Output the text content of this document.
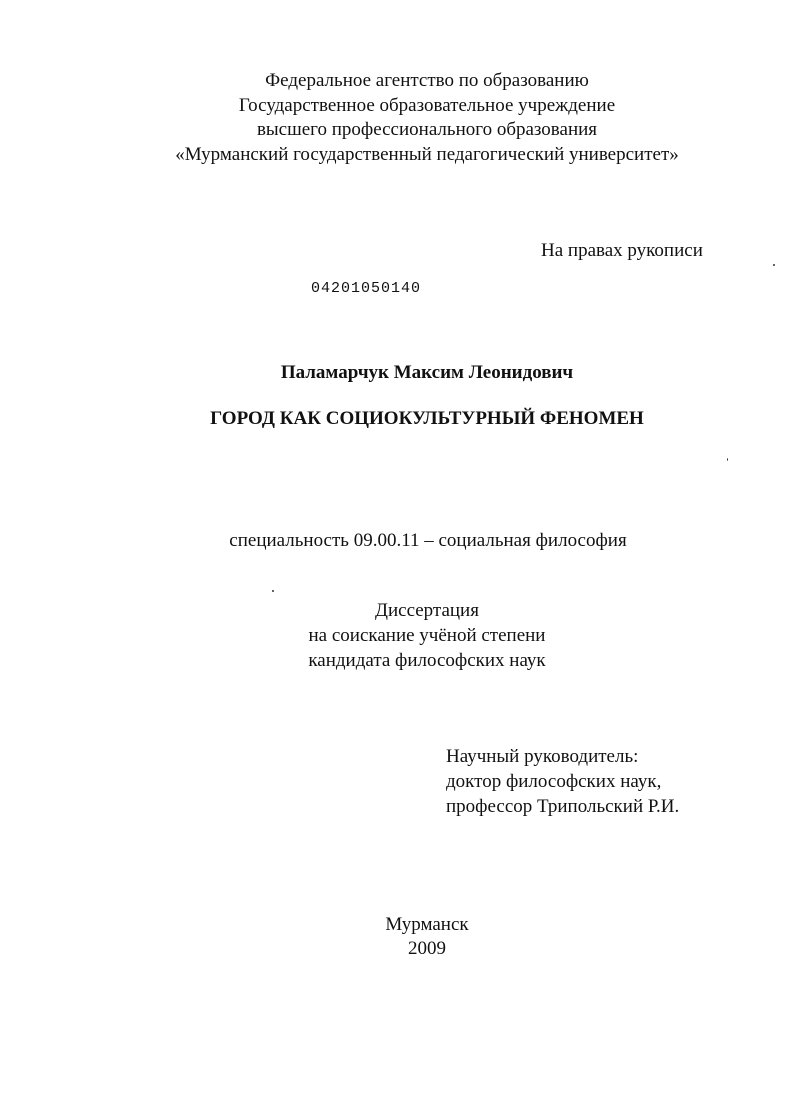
Федеральное агентство по образованию
Государственное образовательное учреждение
высшего профессионального образования
«Мурманский государственный педагогический университет»
На правах рукописи
04201050140
Паламарчук Максим Леонидович
ГОРОД КАК СОЦИОКУЛЬТУРНЫЙ ФЕНОМЕН
специальность 09.00.11 – социальная философия
Диссертация
на соискание учёной степени
кандидата философских наук
Научный руководитель:
доктор философских наук,
профессор Трипольский Р.И.
Мурманск
2009
